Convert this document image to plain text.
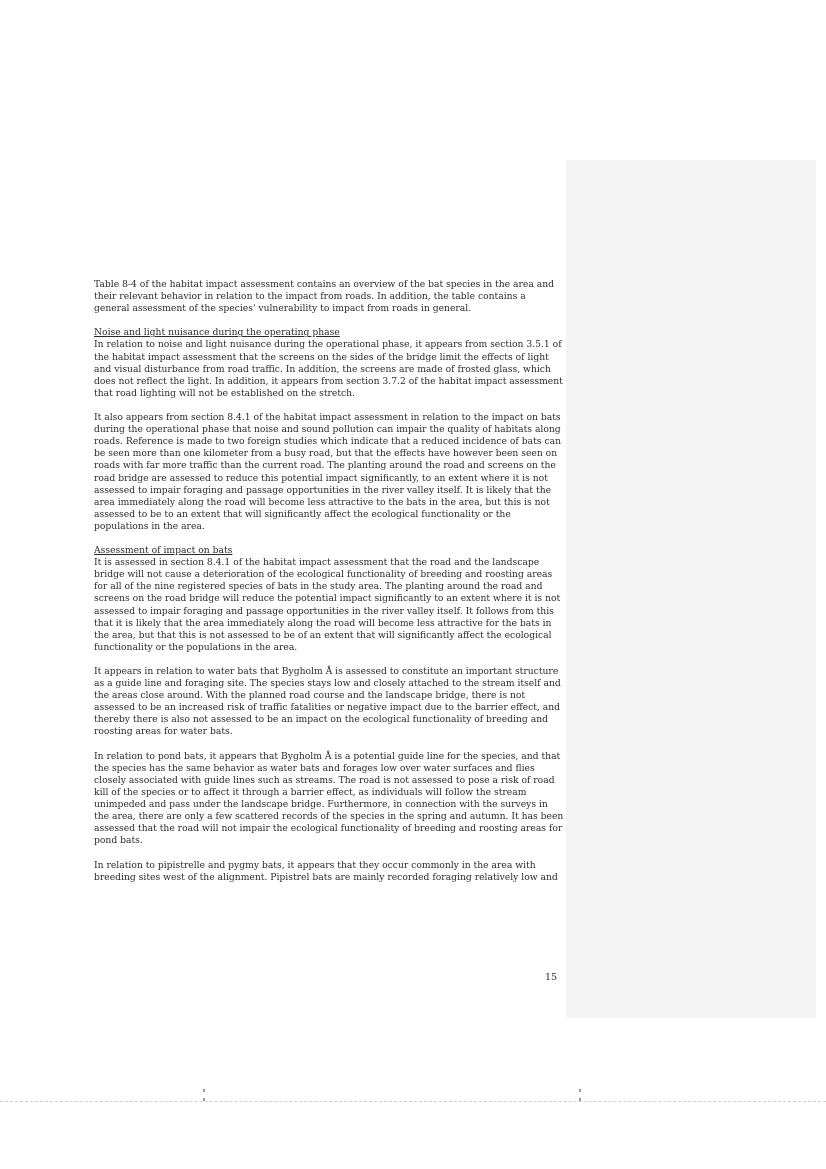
Table 8-4 of the habitat impact assessment contains an overview of the bat species in the area and their relevant behavior in relation to the impact from roads. In addition, the table contains a general assessment of the species' vulnerability to impact from roads in general.

Noise and light nuisance during the operating phase
In relation to noise and light nuisance during the operational phase, it appears from section 3.5.1 of the habitat impact assessment that the screens on the sides of the bridge limit the effects of light and visual disturbance from road traffic. In addition, the screens are made of frosted glass, which does not reflect the light. In addition, it appears from section 3.7.2 of the habitat impact assessment that road lighting will not be established on the stretch.

It also appears from section 8.4.1 of the habitat impact assessment in relation to the impact on bats during the operational phase that noise and sound pollution can impair the quality of habitats along roads. Reference is made to two foreign studies which indicate that a reduced incidence of bats can be seen more than one kilometer from a busy road, but that the effects have however been seen on roads with far more traffic than the current road. The planting around the road and screens on the road bridge are assessed to reduce this potential impact significantly, to an extent where it is not assessed to impair foraging and passage opportunities in the river valley itself. It is likely that the area immediately along the road will become less attractive to the bats in the area, but this is not assessed to be to an extent that will significantly affect the ecological functionality or the populations in the area.

Assessment of impact on bats
It is assessed in section 8.4.1 of the habitat impact assessment that the road and the landscape bridge will not cause a deterioration of the ecological functionality of breeding and roosting areas for all of the nine registered species of bats in the study area. The planting around the road and screens on the road bridge will reduce the potential impact significantly to an extent where it is not assessed to impair foraging and passage opportunities in the river valley itself. It follows from this that it is likely that the area immediately along the road will become less attractive for the bats in the area, but that this is not assessed to be of an extent that will significantly affect the ecological functionality or the populations in the area.

It appears in relation to water bats that Bygholm Å is assessed to constitute an important structure as a guide line and foraging site. The species stays low and closely attached to the stream itself and the areas close around. With the planned road course and the landscape bridge, there is not assessed to be an increased risk of traffic fatalities or negative impact due to the barrier effect, and thereby there is also not assessed to be an impact on the ecological functionality of breeding and roosting areas for water bats.

In relation to pond bats, it appears that Bygholm Å is a potential guide line for the species, and that the species has the same behavior as water bats and forages low over water surfaces and flies closely associated with guide lines such as streams. The road is not assessed to pose a risk of road kill of the species or to affect it through a barrier effect, as individuals will follow the stream unimpeded and pass under the landscape bridge. Furthermore, in connection with the surveys in the area, there are only a few scattered records of the species in the spring and autumn. It has been assessed that the road will not impair the ecological functionality of breeding and roosting areas for pond bats.

In relation to pipistrelle and pygmy bats, it appears that they occur commonly in the area with breeding sites west of the alignment. Pipistrel bats are mainly recorded foraging relatively low and

15
